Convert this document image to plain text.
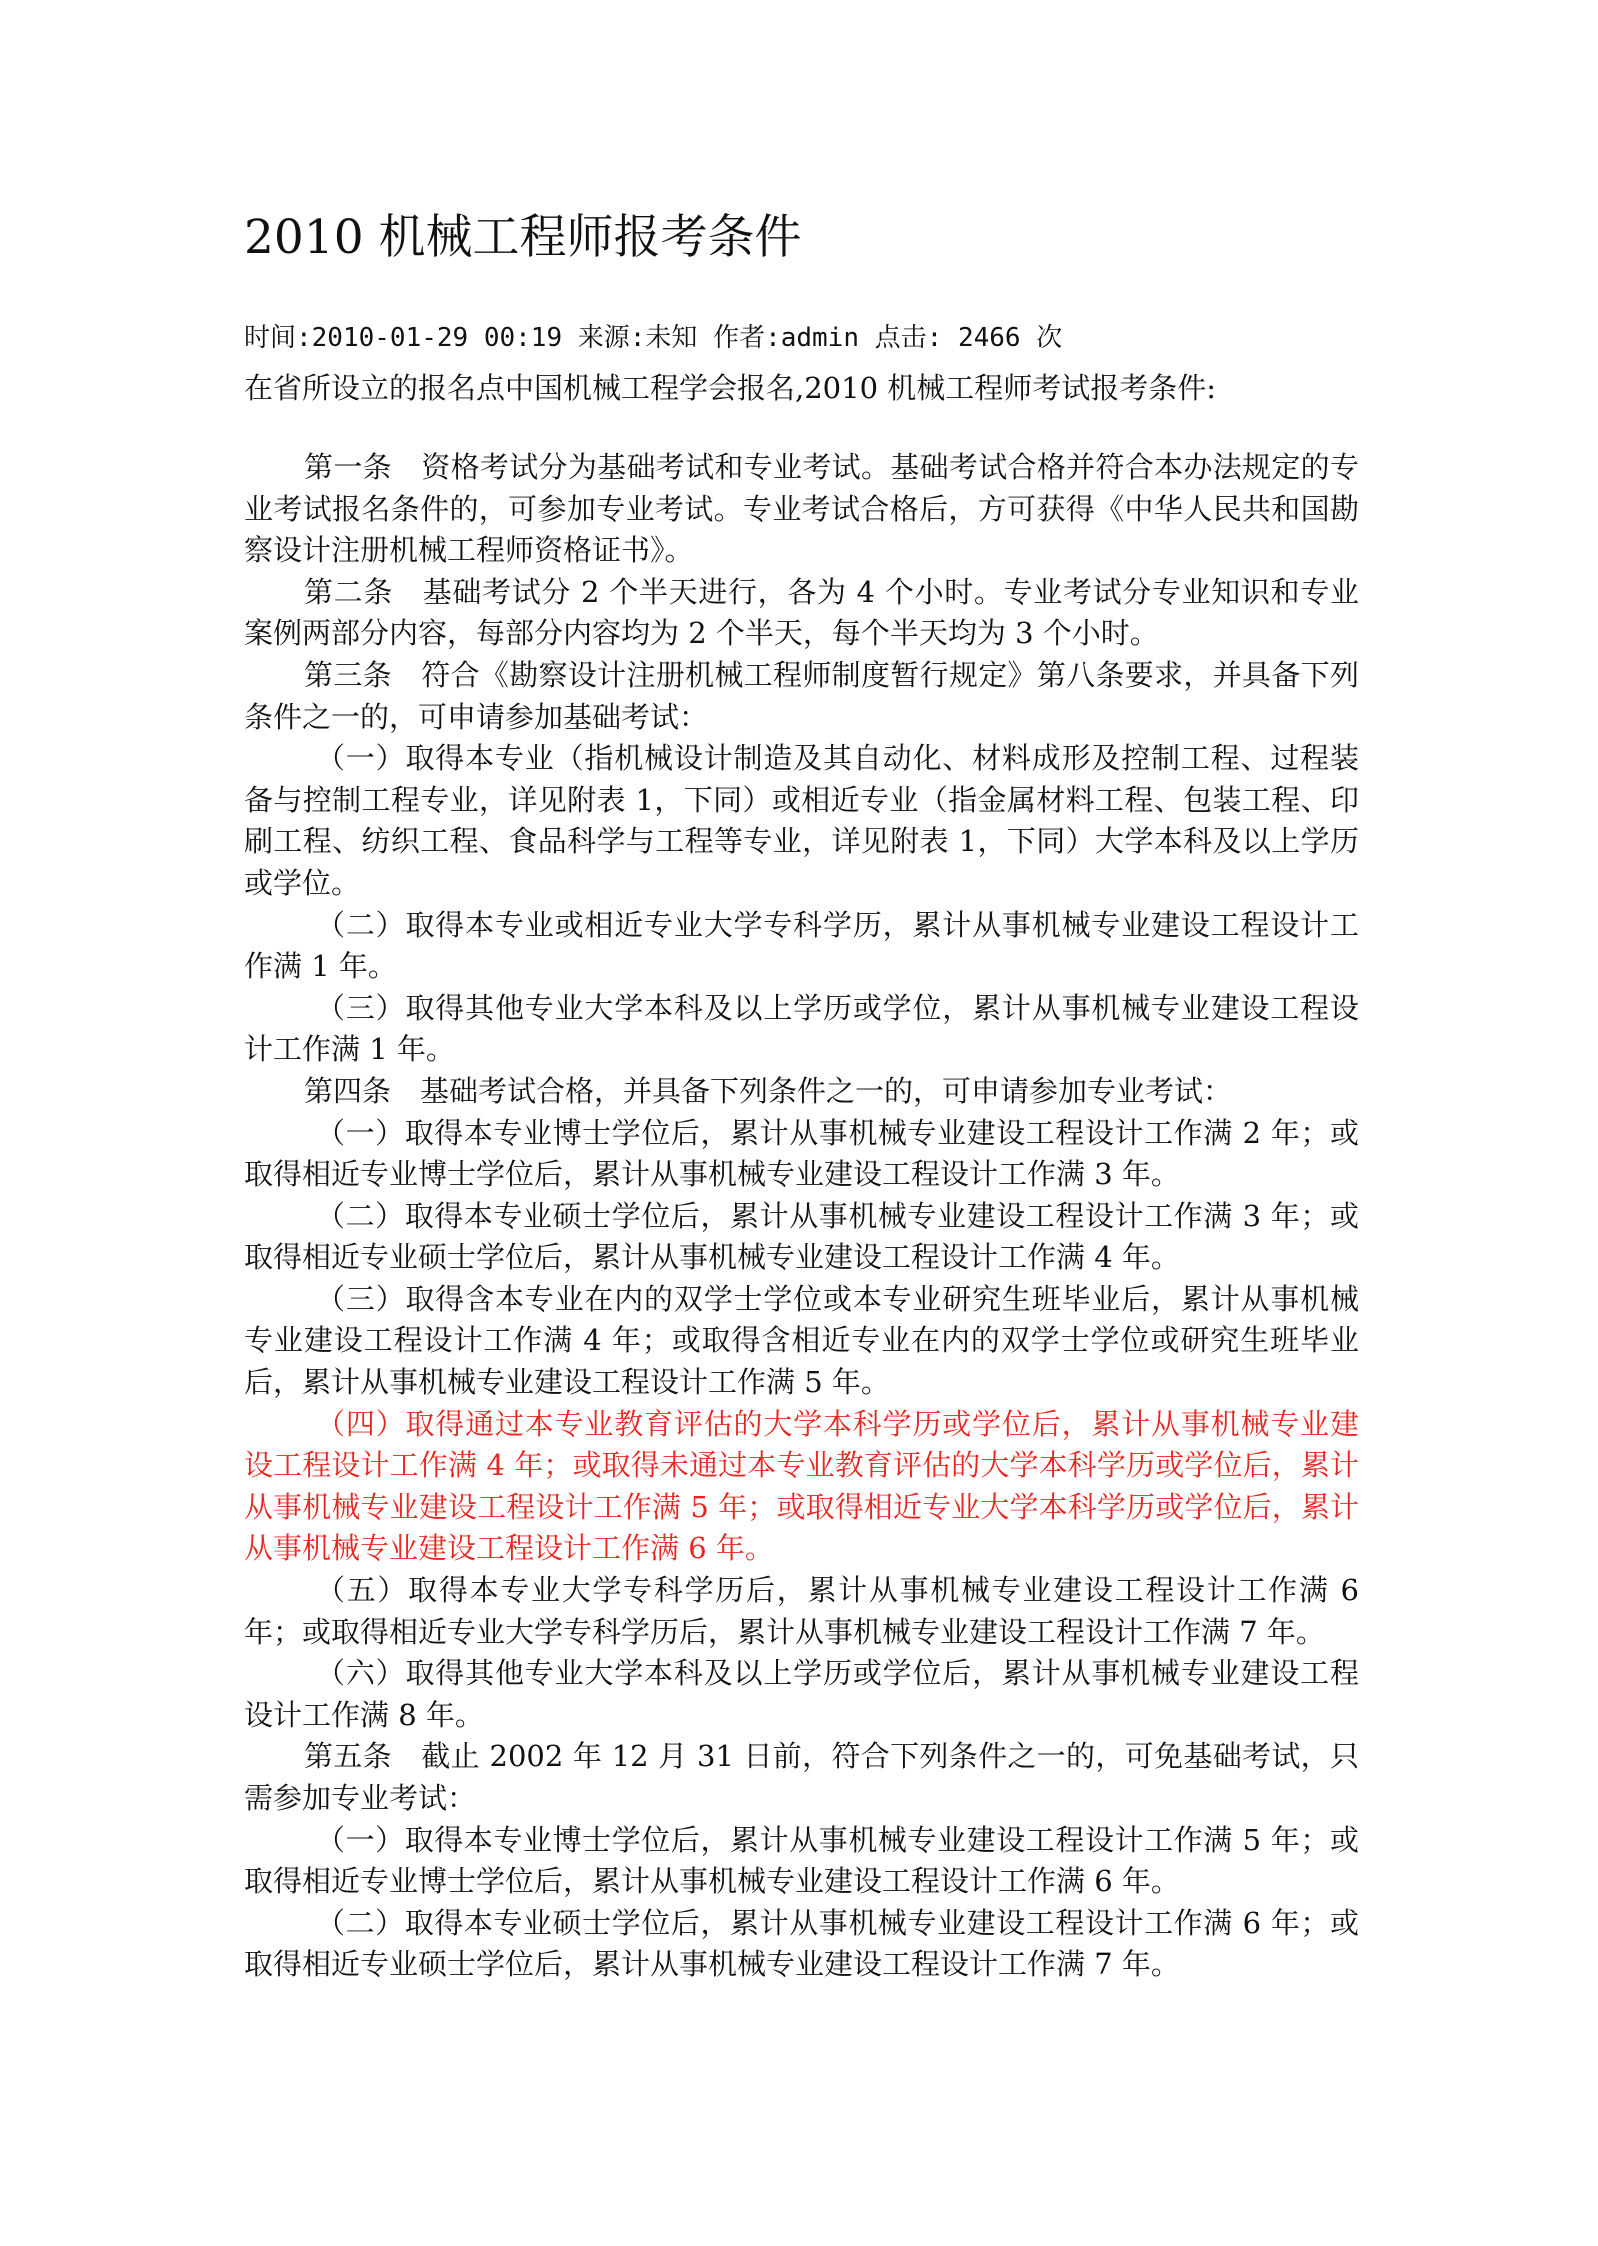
2010 机械工程师报考条件
时间:2010-01-29 00:19 来源:未知 作者:admin 点击: 2466 次
在省所设立的报名点中国机械工程学会报名,2010 机械工程师考试报考条件:

第一条　资格考试分为基础考试和专业考试。基础考试合格并符合本办法规定的专业考试报名条件的，可参加专业考试。专业考试合格后，方可获得《中华人民共和国勘察设计注册机械工程师资格证书》。

第二条　基础考试分 2 个半天进行，各为 4 个小时。专业考试分专业知识和专业案例两部分内容，每部分内容均为 2 个半天，每个半天均为 3 个小时。

第三条　符合《勘察设计注册机械工程师制度暂行规定》第八条要求，并具备下列条件之一的，可申请参加基础考试：

（一）取得本专业（指机械设计制造及其自动化、材料成形及控制工程、过程装备与控制工程专业，详见附表 1，下同）或相近专业（指金属材料工程、包装工程、印刷工程、纺织工程、食品科学与工程等专业，详见附表 1，下同）大学本科及以上学历或学位。

（二）取得本专业或相近专业大学专科学历，累计从事机械专业建设工程设计工作满 1 年。

（三）取得其他专业大学本科及以上学历或学位，累计从事机械专业建设工程设计工作满 1 年。

第四条　基础考试合格，并具备下列条件之一的，可申请参加专业考试：

（一）取得本专业博士学位后，累计从事机械专业建设工程设计工作满 2 年；或取得相近专业博士学位后，累计从事机械专业建设工程设计工作满 3 年。

（二）取得本专业硕士学位后，累计从事机械专业建设工程设计工作满 3 年；或取得相近专业硕士学位后，累计从事机械专业建设工程设计工作满 4 年。

（三）取得含本专业在内的双学士学位或本专业研究生班毕业后，累计从事机械专业建设工程设计工作满 4 年；或取得含相近专业在内的双学士学位或研究生班毕业后，累计从事机械专业建设工程设计工作满 5 年。

（四）取得通过本专业教育评估的大学本科学历或学位后，累计从事机械专业建设工程设计工作满 4 年；或取得未通过本专业教育评估的大学本科学历或学位后，累计从事机械专业建设工程设计工作满 5 年；或取得相近专业大学本科学历或学位后，累计从事机械专业建设工程设计工作满 6 年。

（五）取得本专业大学专科学历后，累计从事机械专业建设工程设计工作满 6 年；或取得相近专业大学专科学历后，累计从事机械专业建设工程设计工作满 7 年。

（六）取得其他专业大学本科及以上学历或学位后，累计从事机械专业建设工程设计工作满 8 年。

第五条　截止 2002 年 12 月 31 日前，符合下列条件之一的，可免基础考试，只需参加专业考试：

（一）取得本专业博士学位后，累计从事机械专业建设工程设计工作满 5 年；或取得相近专业博士学位后，累计从事机械专业建设工程设计工作满 6 年。

（二）取得本专业硕士学位后，累计从事机械专业建设工程设计工作满 6 年；或取得相近专业硕士学位后，累计从事机械专业建设工程设计工作满 7 年。
